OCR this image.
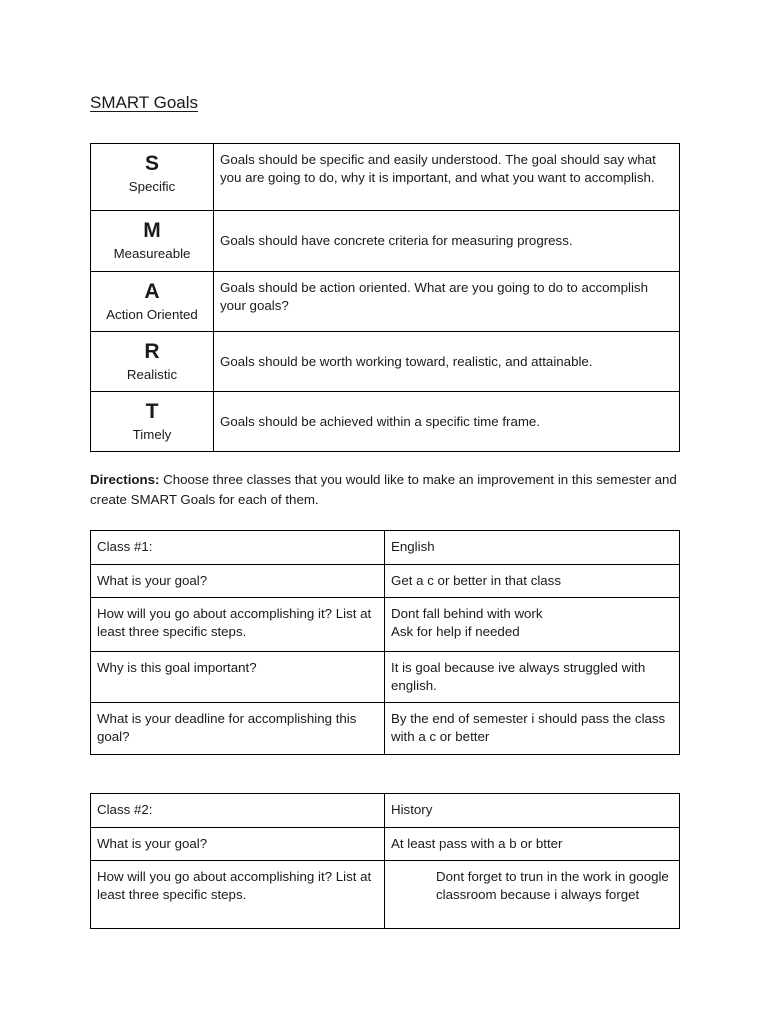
SMART Goals
S
Specific	Goals should be specific and easily understood. The goal should say what you are going to do, why it is important, and what you want to accomplish.

M
Measureable	Goals should have concrete criteria for measuring progress.

A
Action Oriented	Goals should be action oriented. What are you going to do to accomplish your goals?

R
Realistic	Goals should be worth working toward, realistic, and attainable.

T
Timely	Goals should be achieved within a specific time frame.

Directions: Choose three classes that you would like to make an improvement in this semester and create SMART Goals for each of them.

Class #1:	English

What is your goal?	Get a c or better in that class

How will you go about accomplishing it? List at least three specific steps.	Dont fall behind with work
Ask for help if needed

Why is this goal important?	It is goal because ive always struggled with english.

What is your deadline for accomplishing this goal?	By the end of semester i should pass the class with a c or better
Class #2:	History

What is your goal?	At least pass with a b or btter

How will you go about accomplishing it? List at least three specific steps.	Dont forget to trun in the work in google classroom because i always forget
